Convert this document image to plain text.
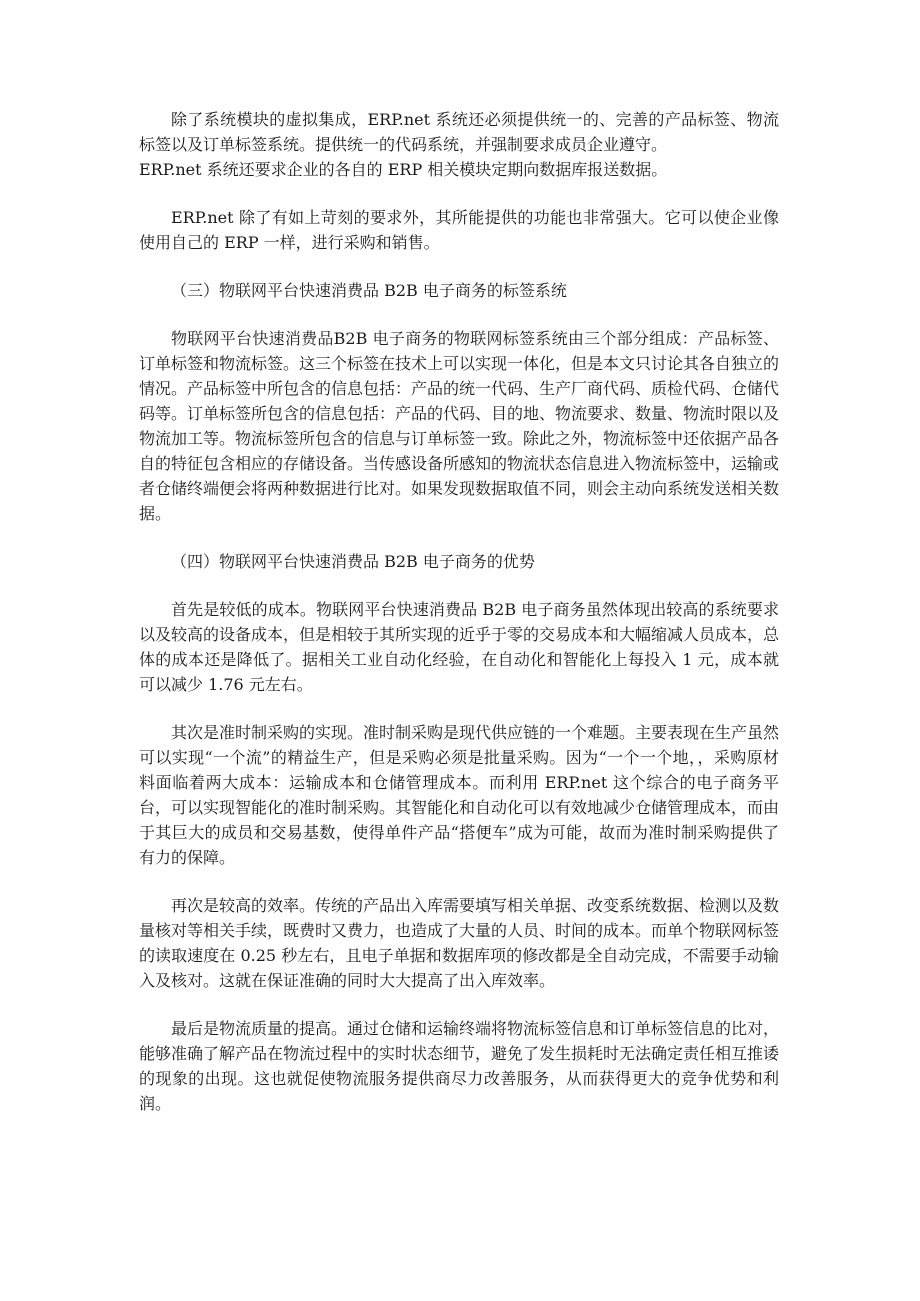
除了系统模块的虚拟集成，ERP.net 系统还必须提供统一的、完善的产品标签、物流标签以及订单标签系统。提供统一的代码系统，并强制要求成员企业遵守。
ERP.net 系统还要求企业的各自的 ERP 相关模块定期向数据库报送数据。

ERP.net 除了有如上苛刻的要求外，其所能提供的功能也非常强大。它可以使企业像使用自己的 ERP 一样，进行采购和销售。

（三）物联网平台快速消费品 B2B 电子商务的标签系统

物联网平台快速消费品B2B 电子商务的物联网标签系统由三个部分组成：产品标签、订单标签和物流标签。这三个标签在技术上可以实现一体化，但是本文只讨论其各自独立的情况。产品标签中所包含的信息包括：产品的统一代码、生产厂商代码、质检代码、仓储代码等。订单标签所包含的信息包括：产品的代码、目的地、物流要求、数量、物流时限以及物流加工等。物流标签所包含的信息与订单标签一致。除此之外，物流标签中还依据产品各自的特征包含相应的存储设备。当传感设备所感知的物流状态信息进入物流标签中，运输或者仓储终端便会将两种数据进行比对。如果发现数据取值不同，则会主动向系统发送相关数据。

（四）物联网平台快速消费品 B2B 电子商务的优势

首先是较低的成本。物联网平台快速消费品 B2B 电子商务虽然体现出较高的系统要求以及较高的设备成本，但是相较于其所实现的近乎于零的交易成本和大幅缩减人员成本，总体的成本还是降低了。据相关工业自动化经验，在自动化和智能化上每投入 1 元，成本就可以减少 1.76 元左右。

其次是准时制采购的实现。准时制采购是现代供应链的一个难题。主要表现在生产虽然可以实现“一个流”的精益生产，但是采购必须是批量采购。因为“一个一个地，，采购原材料面临着两大成本：运输成本和仓储管理成本。而利用 ERP.net 这个综合的电子商务平台，可以实现智能化的准时制采购。其智能化和自动化可以有效地减少仓储管理成本，而由于其巨大的成员和交易基数，使得单件产品“搭便车”成为可能，故而为准时制采购提供了有力的保障。

再次是较高的效率。传统的产品出入库需要填写相关单据、改变系统数据、检测以及数量核对等相关手续，既费时又费力，也造成了大量的人员、时间的成本。而单个物联网标签的读取速度在 0.25 秒左右，且电子单据和数据库项的修改都是全自动完成，不需要手动输入及核对。这就在保证准确的同时大大提高了出入库效率。

最后是物流质量的提高。通过仓储和运输终端将物流标签信息和订单标签信息的比对，能够准确了解产品在物流过程中的实时状态细节，避免了发生损耗时无法确定责任相互推诿的现象的出现。这也就促使物流服务提供商尽力改善服务，从而获得更大的竞争优势和利润。
